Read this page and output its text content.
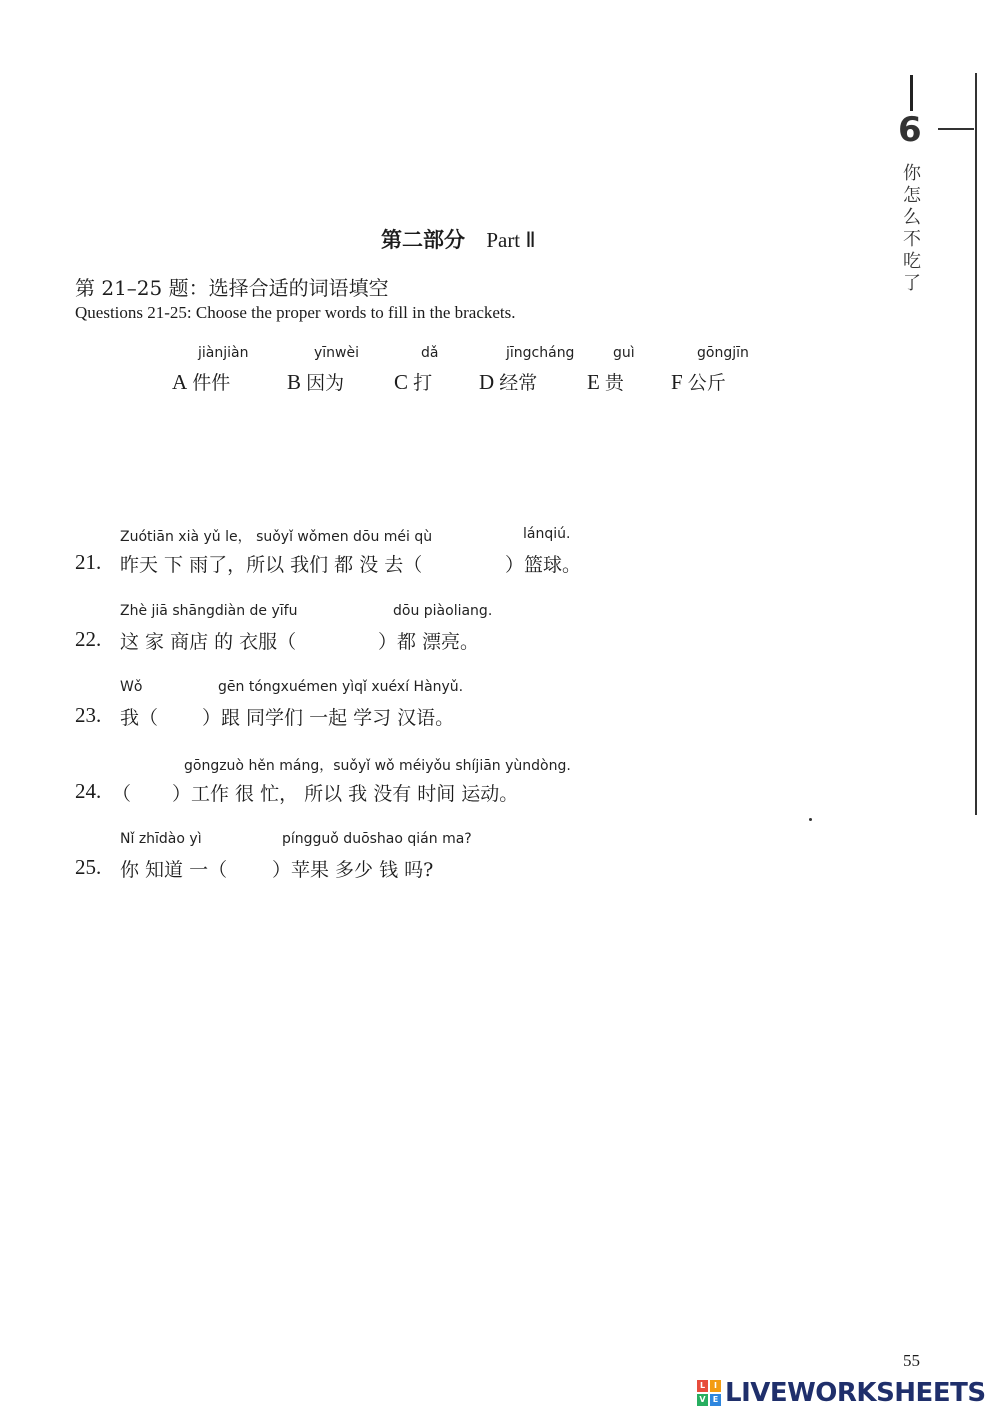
6
你怎么不吃了
第二部分 Part Ⅱ
第 21–25 题：选择合适的词语填空
Questions 21-25: Choose the proper words to fill in the brackets.
jiànjiàn
A 件件
yīnwèi
B 因为
dǎ
C 打
jīngcháng
D 经常
guì
E 贵
gōngjīn
F 公斤
Zuótiān xià yǔ le， suǒyǐ wǒmen dōu méi qù	lánqiú.
21. 昨天 下 雨了，所以 我们 都 没 去（	）篮球。
Zhè jiā shāngdiàn de yīfu	dōu piàoliang.
22. 这 家 商店 的 衣服（	）都 漂亮。
Wǒ	gēn tóngxuémen yìqǐ xuéxí Hànyǔ.
23. 我（ ）跟 同学们 一起 学习 汉语。
gōngzuò hěn máng，suǒyǐ wǒ méiyǒu shíjiān yùndòng.
24. （ ）工作 很 忙， 所以 我 没有 时间 运动。
Nǐ zhīdào yì	píngguǒ duōshao qián ma?
25. 你 知道 一（ ）苹果 多少 钱 吗?
55
L	I
V E LIVEWORKSHEETS
